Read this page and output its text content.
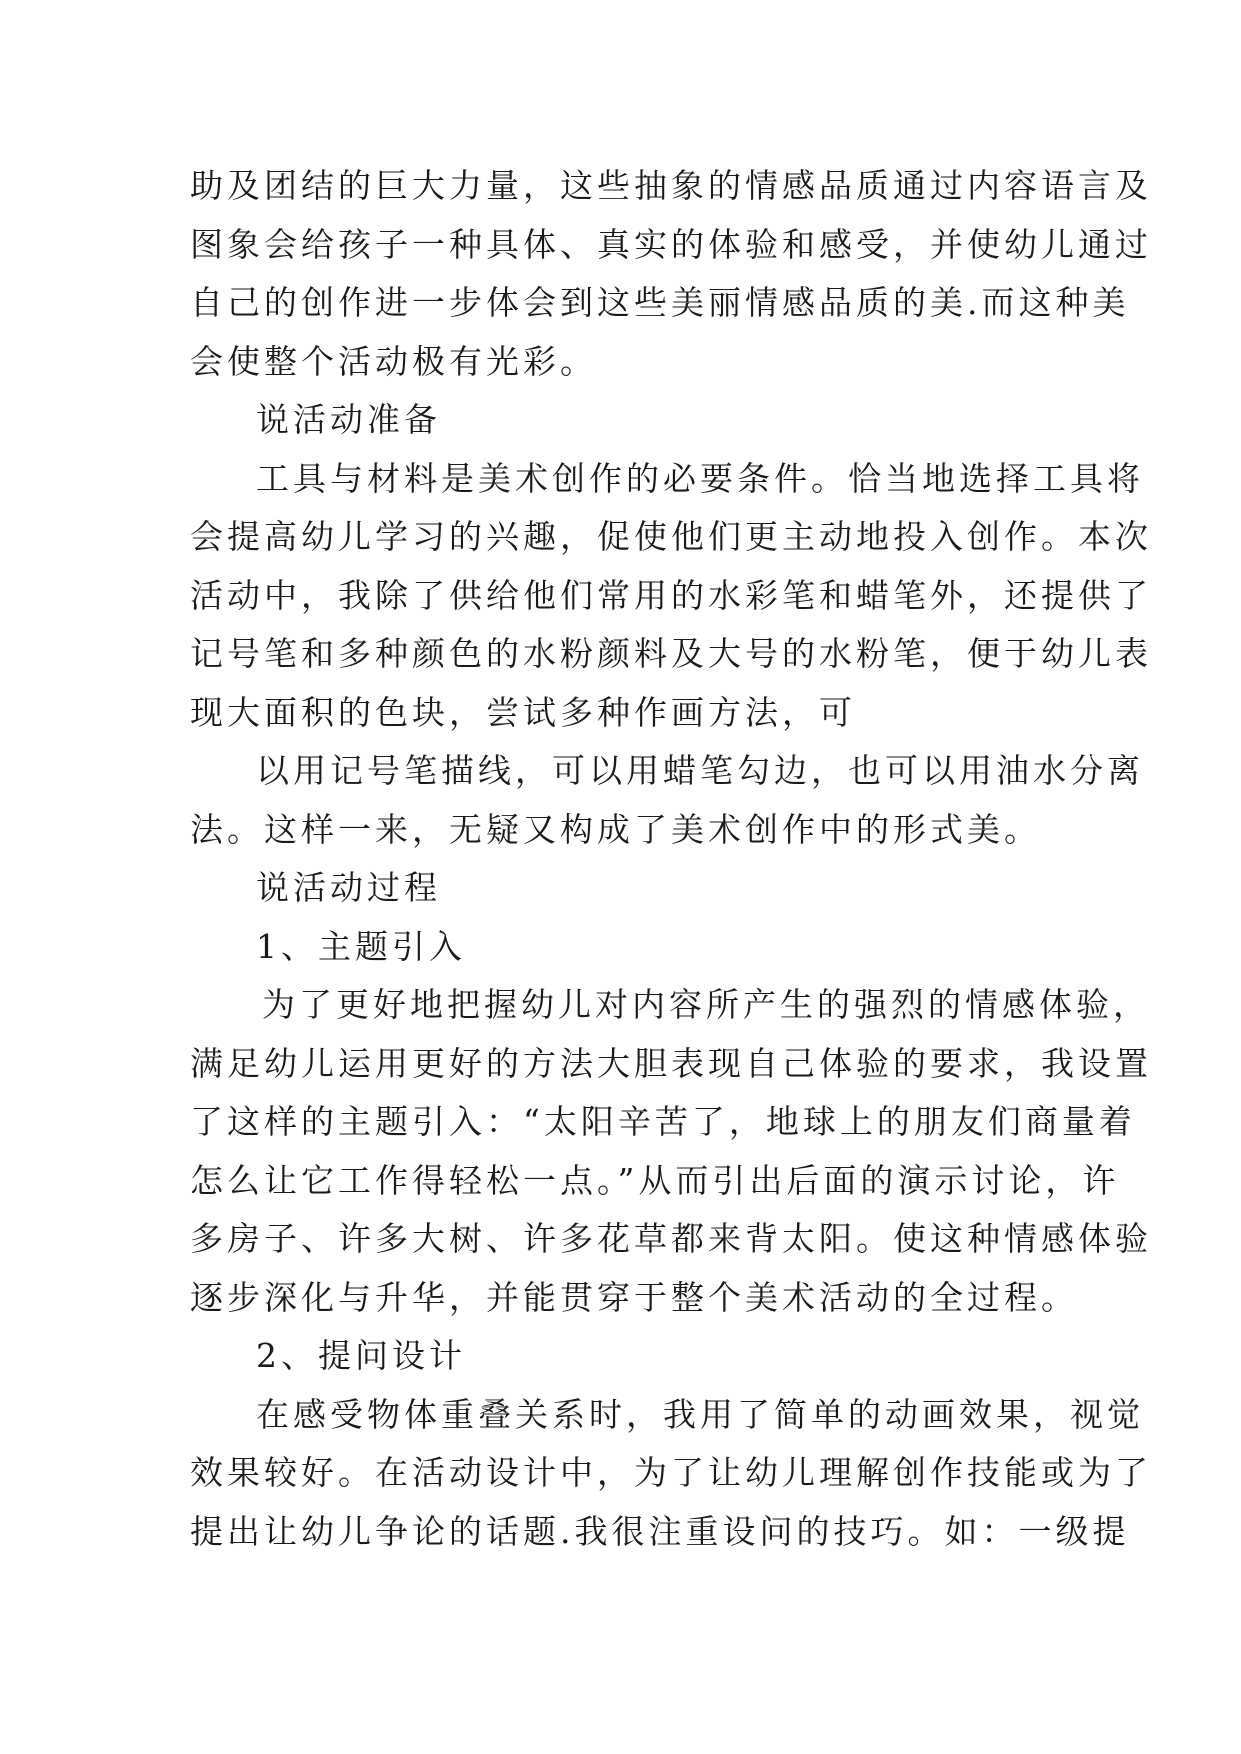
助及团结的巨大力量，这些抽象的情感品质通过内容语言及
图象会给孩子一种具体、真实的体验和感受，并使幼儿通过
自己的创作进一步体会到这些美丽情感品质的美.而这种美
会使整个活动极有光彩。

说活动准备

工具与材料是美术创作的必要条件。恰当地选择工具将
会提高幼儿学习的兴趣，促使他们更主动地投入创作。本次
活动中，我除了供给他们常用的水彩笔和蜡笔外，还提供了
记号笔和多种颜色的水粉颜料及大号的水粉笔，便于幼儿表
现大面积的色块，尝试多种作画方法，可

以用记号笔描线，可以用蜡笔勾边，也可以用油水分离
法。这样一来，无疑又构成了美术创作中的形式美。

说活动过程

1、主题引入

为了更好地把握幼儿对内容所产生的强烈的情感体验，
满足幼儿运用更好的方法大胆表现自己体验的要求，我设置
了这样的主题引入：“太阳辛苦了，地球上的朋友们商量着
怎么让它工作得轻松一点。”从而引出后面的演示讨论，许
多房子、许多大树、许多花草都来背太阳。使这种情感体验
逐步深化与升华，并能贯穿于整个美术活动的全过程。

2、提问设计

在感受物体重叠关系时，我用了简单的动画效果，视觉
效果较好。在活动设计中，为了让幼儿理解创作技能或为了
提出让幼儿争论的话题.我很注重设问的技巧。如：一级提
